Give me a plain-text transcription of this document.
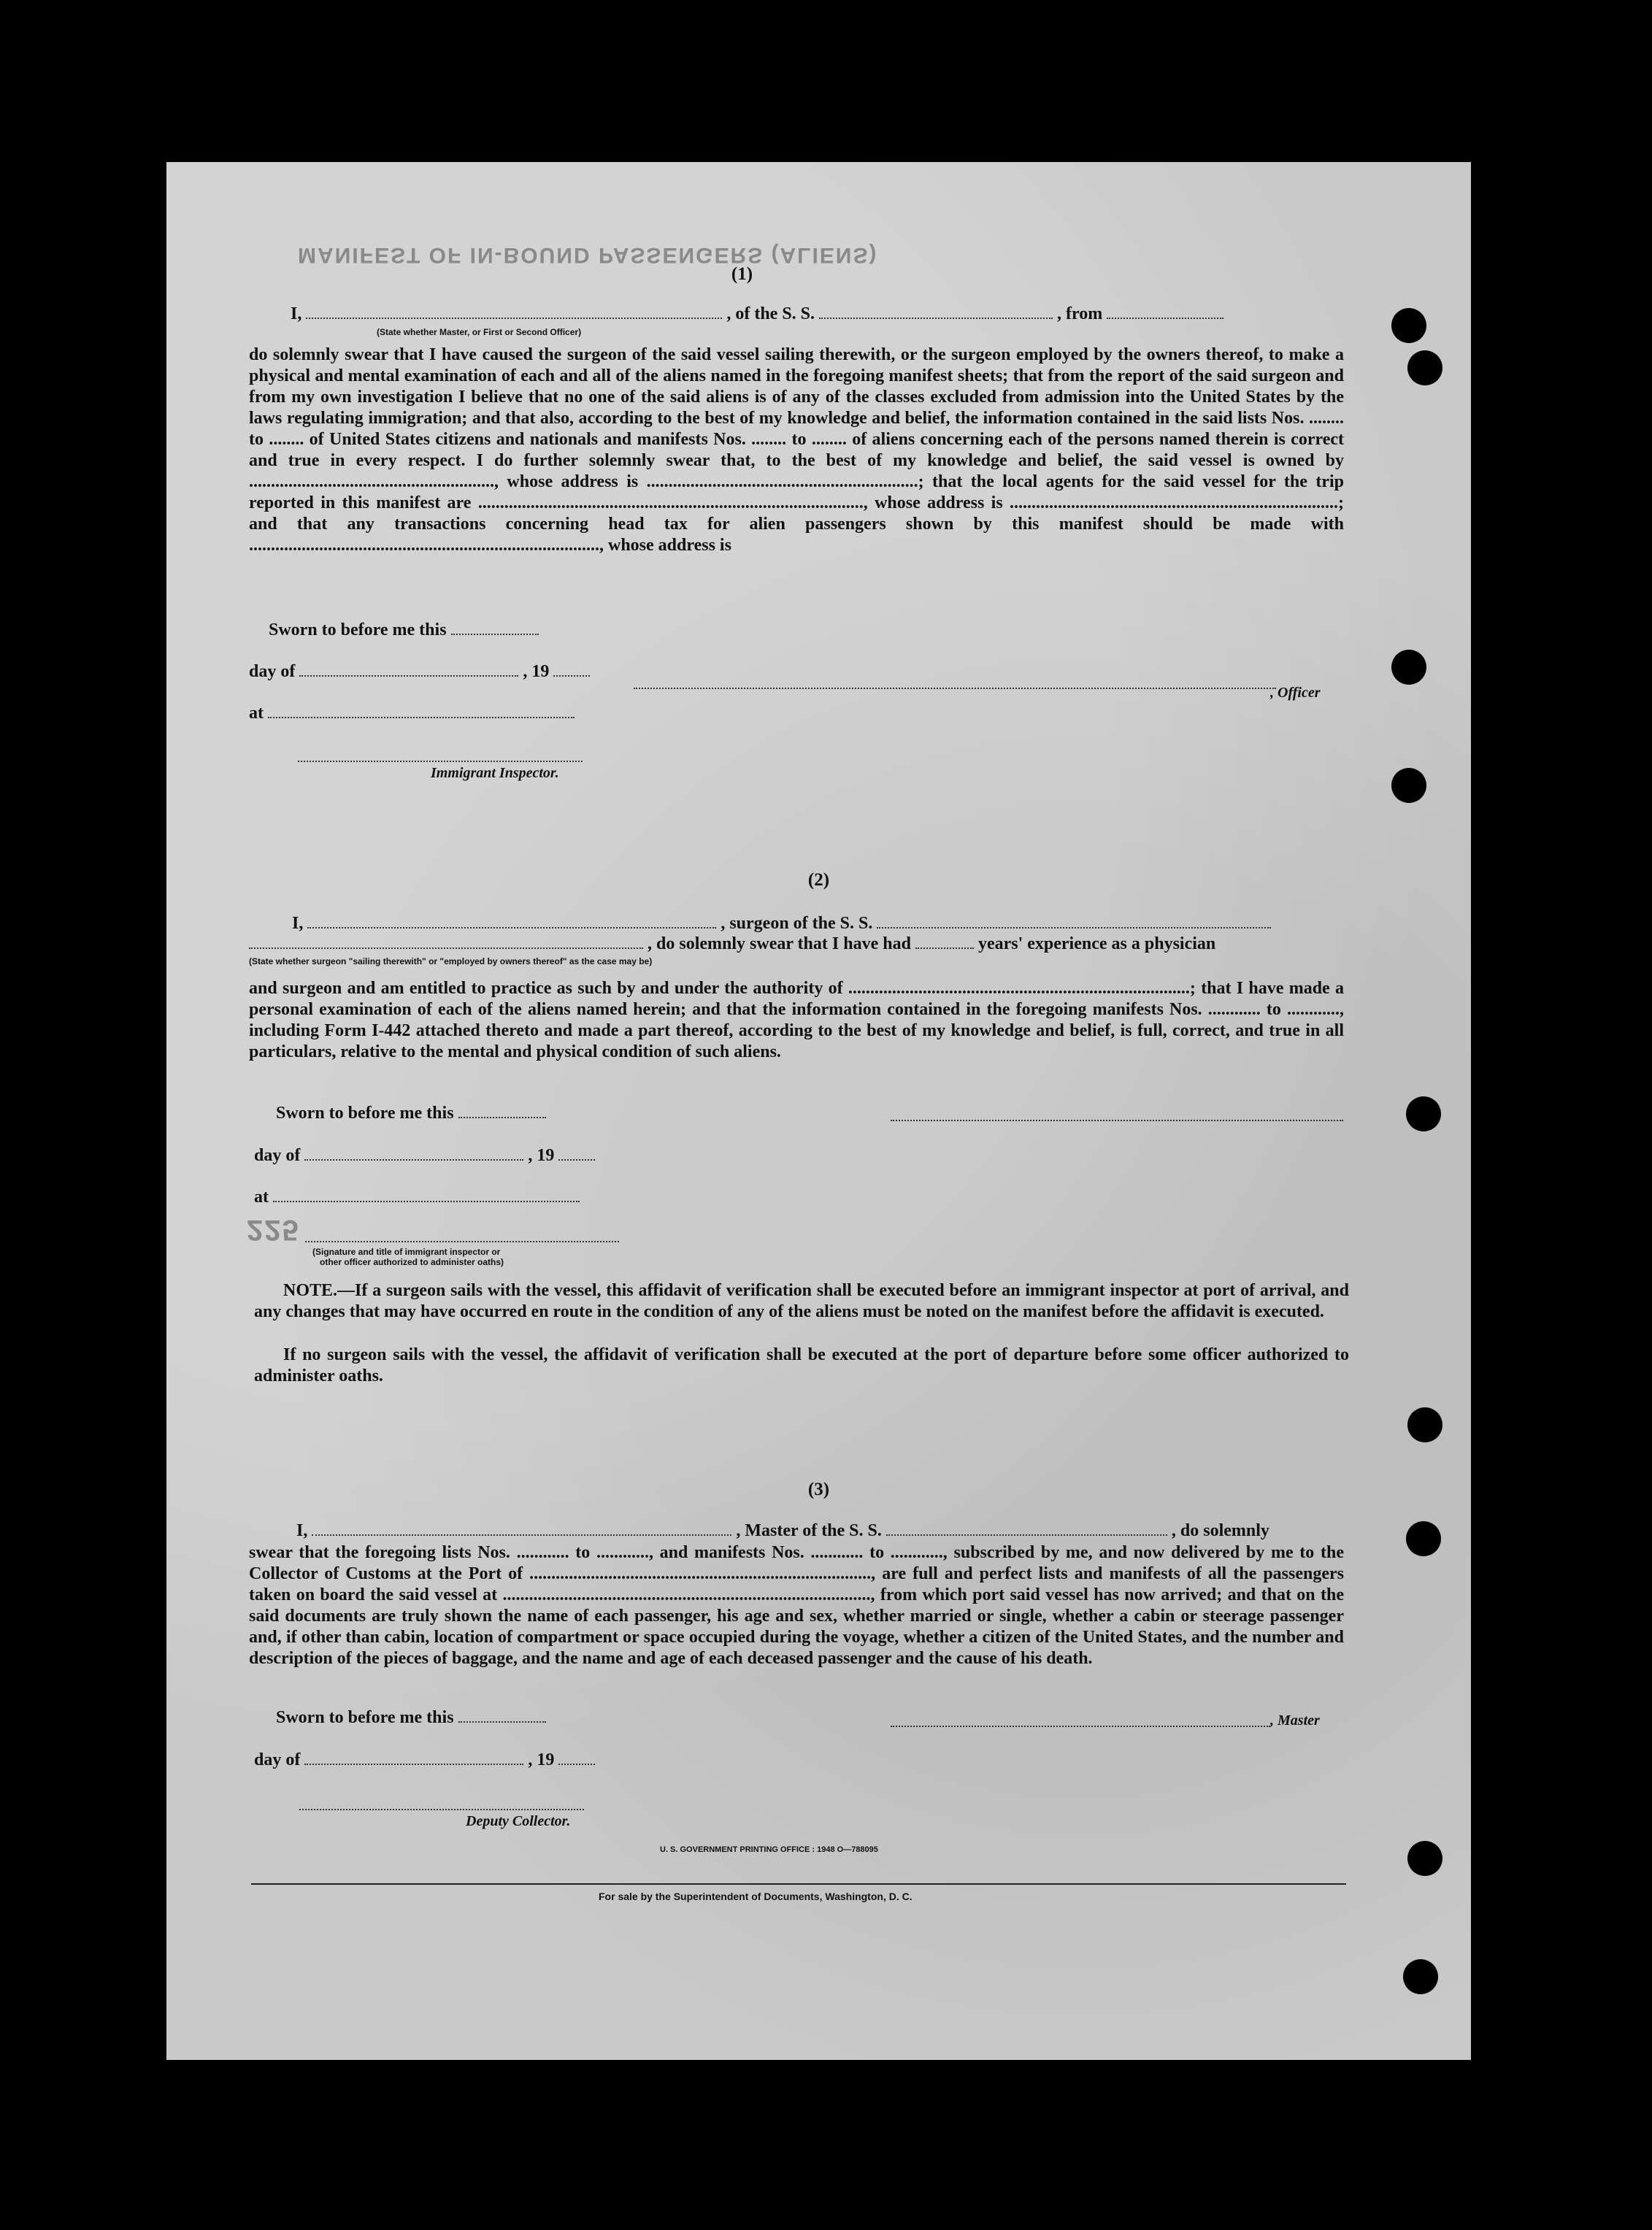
MANIFEST OF IN-BOUND PASSENGERS (ALIENS)
225
(1)
I,	, of the S. S.	, from
(State whether Master, or First or Second Officer)
do solemnly swear that I have caused the surgeon of the said vessel sailing therewith, or the surgeon employed by the owners thereof, to make a physical and mental examination of each and all of the aliens named in the foregoing manifest sheets; that from the report of the said surgeon and from my own investigation I believe that no one of the said aliens is of any of the classes excluded from admission into the United States by the laws regulating immigration; and that also, according to the best of my knowledge and belief, the information contained in the said lists Nos. ........ to ........ of United States citizens and nationals and manifests Nos. ........ to ........ of aliens concerning each of the persons named therein is correct and true in every respect. I do further solemnly swear that, to the best of my knowledge and belief, the said vessel is owned by ........................................................, whose address is ..............................................................; that the local agents for the said vessel for the trip reported in this manifest are ........................................................................................, whose address is ...........................................................................; and that any transactions concerning head tax for alien passengers shown by this manifest should be made with ................................................................................, whose address is
Sworn to before me this
day of	, 19
, Officer
at
Immigrant Inspector.
(2)
I,	, surgeon of the S. S.
, do solemnly swear that I have had	years' experience as a physician
(State whether surgeon "sailing therewith" or "employed by owners thereof" as the case may be)
and surgeon and am entitled to practice as such by and under the authority of ..............................................................................; that I have made a personal examination of each of the aliens named herein; and that the information contained in the foregoing manifests Nos. ............ to ............, including Form I-442 attached thereto and made a part thereof, according to the best of my knowledge and belief, is full, correct, and true in all particulars, relative to the mental and physical condition of such aliens.
Sworn to before me this
day of	, 19
at
(Signature and title of immigrant inspector or
other officer authorized to administer oaths)
NOTE.—If a surgeon sails with the vessel, this affidavit of verification shall be executed before an immigrant inspector at port of arrival, and any changes that may have occurred en route in the condition of any of the aliens must be noted on the manifest before the affidavit is executed.
If no surgeon sails with the vessel, the affidavit of verification shall be executed at the port of departure before some officer authorized to administer oaths.
(3)
I,	, Master of the S. S.	, do solemnly
swear that the foregoing lists Nos. ............ to ............, and manifests Nos. ............ to ............, subscribed by me, and now delivered by me to the Collector of Customs at the Port of .............................................................................., are full and perfect lists and manifests of all the passengers taken on board the said vessel at ...................................................................................., from which port said vessel has now arrived; and that on the said documents are truly shown the name of each passenger, his age and sex, whether married or single, whether a cabin or steerage passenger and, if other than cabin, location of compartment or space occupied during the voyage, whether a citizen of the United States, and the number and description of the pieces of baggage, and the name and age of each deceased passenger and the cause of his death.
Sworn to before me this	, Master
day of	, 19
Deputy Collector.
U. S. GOVERNMENT PRINTING OFFICE : 1948 O—788095
For sale by the Superintendent of Documents, Washington, D. C.
